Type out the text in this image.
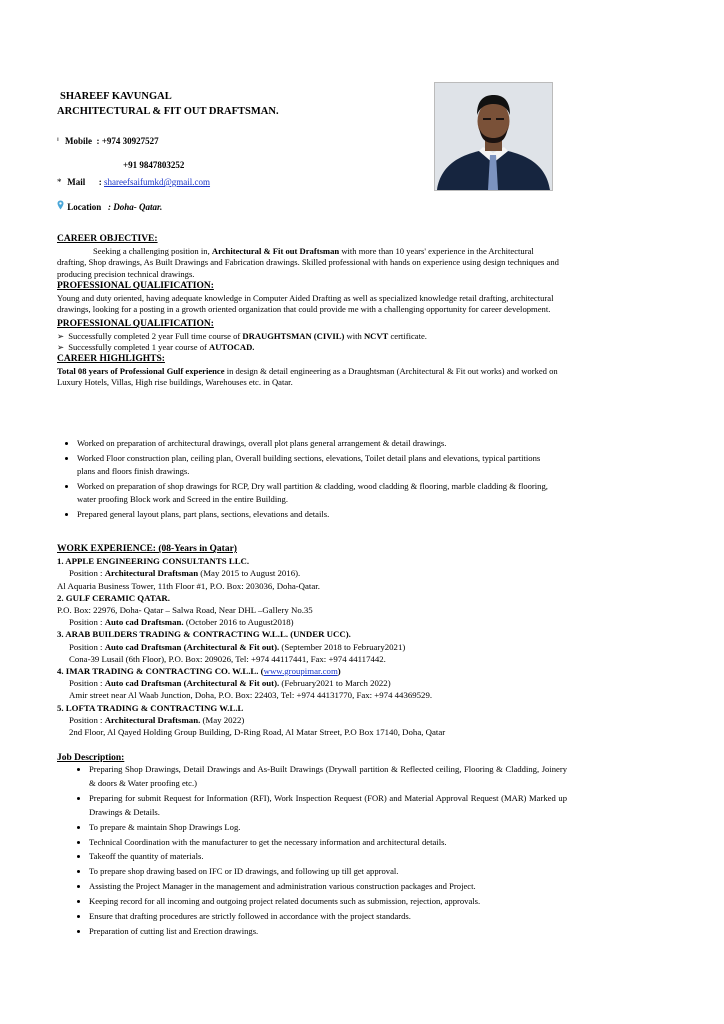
SHAREEF KAVUNGAL
ARCHITECTURAL & FIT OUT DRAFTSMAN.
ᑊ Mobile : +974 30927527
+91 9847803252
* Mail : shareefsaifumkd@gmail.com
Location : Doha- Qatar.
CAREER OBJECTIVE:
Seeking a challenging position in, Architectural & Fit out Draftsman with more than 10 years' experience in the Architectural drafting, Shop drawings, As Built Drawings and Fabrication drawings. Skilled professional with hands on experience using design techniques and producing precision technical drawings.
PROFESSIONAL QUALIFICATION:
Young and duty oriented, having adequate knowledge in Computer Aided Drafting as well as specialized knowledge retail drafting, architectural drawings, looking for a posting in a growth oriented organization that could provide me with a challenging opportunity for career development.
PROFESSIONAL QUALIFICATION:
➢ Successfully completed 2 year Full time course of DRAUGHTSMAN (CIVIL) with NCVT certificate.
➢ Successfully completed 1 year course of AUTOCAD.
CAREER HIGHLIGHTS:
Total 08 years of Professional Gulf experience in design & detail engineering as a Draughtsman (Architectural & Fit out works) and worked on Luxury Hotels, Villas, High rise buildings, Warehouses etc. in Qatar.
• Worked on preparation of architectural drawings, overall plot plans general arrangement & detail drawings.
• Worked Floor construction plan, ceiling plan, Overall building sections, elevations, Toilet detail plans and elevations, typical partitions plans and floors finish drawings.
• Worked on preparation of shop drawings for RCP, Dry wall partition & cladding, wood cladding & flooring, marble cladding & flooring, water proofing Block work and Screed in the entire Building.
• Prepared general layout plans, part plans, sections, elevations and details.
WORK EXPERIENCE: (08-Years in Qatar)
1. APPLE ENGINEERING CONSULTANTS LLC.
Position : Architectural Draftsman (May 2015 to August 2016).
Al Aquaria Business Tower, 11th Floor #1, P.O. Box: 203036, Doha-Qatar.
2. GULF CERAMIC QATAR.
P.O. Box: 22976, Doha- Qatar – Salwa Road, Near DHL –Gallery No.35
Position : Auto cad Draftsman. (October 2016 to August2018)
3. ARAB BUILDERS TRADING & CONTRACTING W.L.L. (UNDER UCC).
Position : Auto cad Draftsman (Architectural & Fit out). (September 2018 to February2021)
Cona-39 Lusail (6th Floor), P.O. Box: 209026, Tel: +974 44117441, Fax: +974 44117442.
4. IMAR TRADING & CONTRACTING CO. W.L.L. (www.groupimar.com)
Position : Auto cad Draftsman (Architectural & Fit out). (February2021 to March 2022)
Amir street near Al Waab Junction, Doha, P.O. Box: 22403, Tel: +974 44131770, Fax: +974 44369529.
5. LOFTA TRADING & CONTRACTING W.L.L
Position : Architectural Draftsman. (May 2022)
2nd Floor, Al Qayed Holding Group Building, D-Ring Road, Al Matar Street, P.O Box 17140, Doha, Qatar
Job Description:
• Preparing Shop Drawings, Detail Drawings and As-Built Drawings (Drywall partition & Reflected ceiling, Flooring & Cladding, Joinery & doors & Water proofing etc.)
• Preparing for submit Request for Information (RFI), Work Inspection Request (FOR) and Material Approval Request (MAR) Marked up Drawings & Details.
• To prepare & maintain Shop Drawings Log.
• Technical Coordination with the manufacturer to get the necessary information and architectural details.
• Takeoff the quantity of materials.
• To prepare shop drawing based on IFC or ID drawings, and following up till get approval.
• Assisting the Project Manager in the management and administration various construction packages and Project.
• Keeping record for all incoming and outgoing project related documents such as submission, rejection, approvals.
• Ensure that drafting procedures are strictly followed in accordance with the project standards.
• Preparation of cutting list and Erection drawings.
